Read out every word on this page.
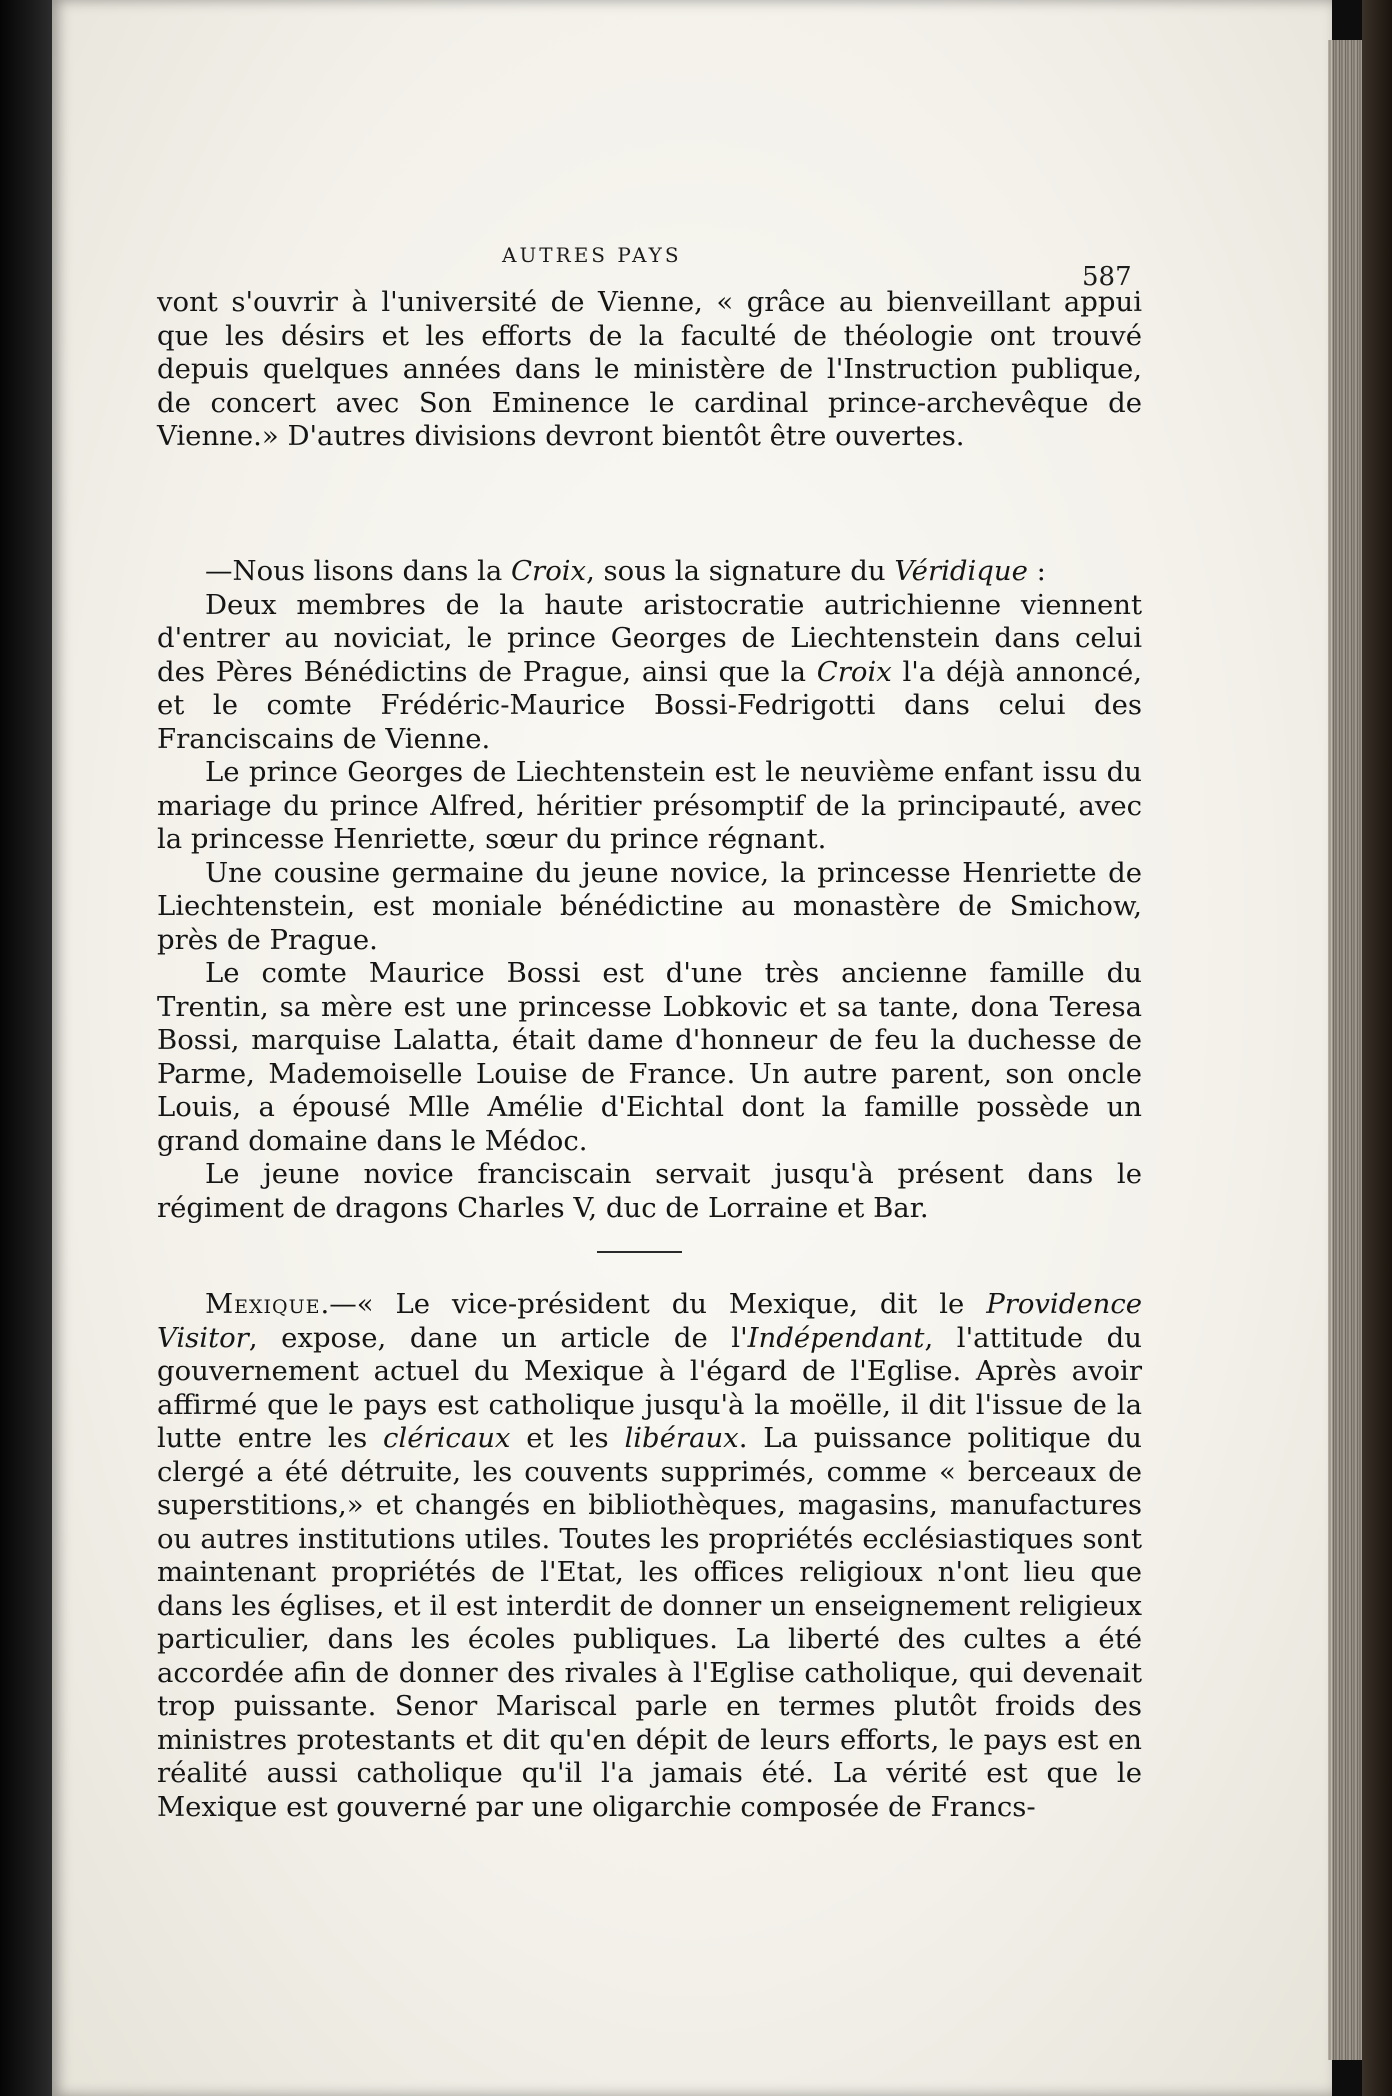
AUTRES PAYS
587

vont s'ouvrir à l'université de Vienne, « grâce au bienveillant appui que les désirs et les efforts de la faculté de théologie ont trouvé depuis quelques années dans le ministère de l'Instruction publique, de concert avec Son Eminence le cardinal prince-archevêque de Vienne.» D'autres divisions devront bientôt être ouvertes.

—Nous lisons dans la Croix, sous la signature du Véridique :

Deux membres de la haute aristocratie autrichienne viennent d'entrer au noviciat, le prince Georges de Liechtenstein dans celui des Pères Bénédictins de Prague, ainsi que la Croix l'a déjà annoncé, et le comte Frédéric-Maurice Bossi-Fedrigotti dans celui des Franciscains de Vienne.

Le prince Georges de Liechtenstein est le neuvième enfant issu du mariage du prince Alfred, héritier présomptif de la principauté, avec la princesse Henriette, sœur du prince régnant.

Une cousine germaine du jeune novice, la princesse Henriette de Liechtenstein, est moniale bénédictine au monastère de Smichow, près de Prague.

Le comte Maurice Bossi est d'une très ancienne famille du Trentin, sa mère est une princesse Lobkovic et sa tante, dona Teresa Bossi, marquise Lalatta, était dame d'honneur de feu la duchesse de Parme, Mademoiselle Louise de France. Un autre parent, son oncle Louis, a épousé Mlle Amélie d'Eichtal dont la famille possède un grand domaine dans le Médoc.

Le jeune novice franciscain servait jusqu'à présent dans le régiment de dragons Charles V, duc de Lorraine et Bar.

Mexique.—« Le vice-président du Mexique, dit le Providence Visitor, expose, dane un article de l'Indépendant, l'attitude du gouvernement actuel du Mexique à l'égard de l'Eglise. Après avoir affirmé que le pays est catholique jusqu'à la moëlle, il dit l'issue de la lutte entre les cléricaux et les libéraux. La puissance politique du clergé a été détruite, les couvents supprimés, comme « berceaux de superstitions,» et changés en bibliothèques, magasins, manufactures ou autres institutions utiles. Toutes les propriétés ecclésiastiques sont maintenant propriétés de l'Etat, les offices religioux n'ont lieu que dans les églises, et il est interdit de donner un enseignement religieux particulier, dans les écoles publiques. La liberté des cultes a été accordée afin de donner des rivales à l'Eglise catholique, qui devenait trop puissante. Senor Mariscal parle en termes plutôt froids des ministres protestants et dit qu'en dépit de leurs efforts, le pays est en réalité aussi catholique qu'il l'a jamais été. La vérité est que le Mexique est gouverné par une oligarchie composée de Francs-
